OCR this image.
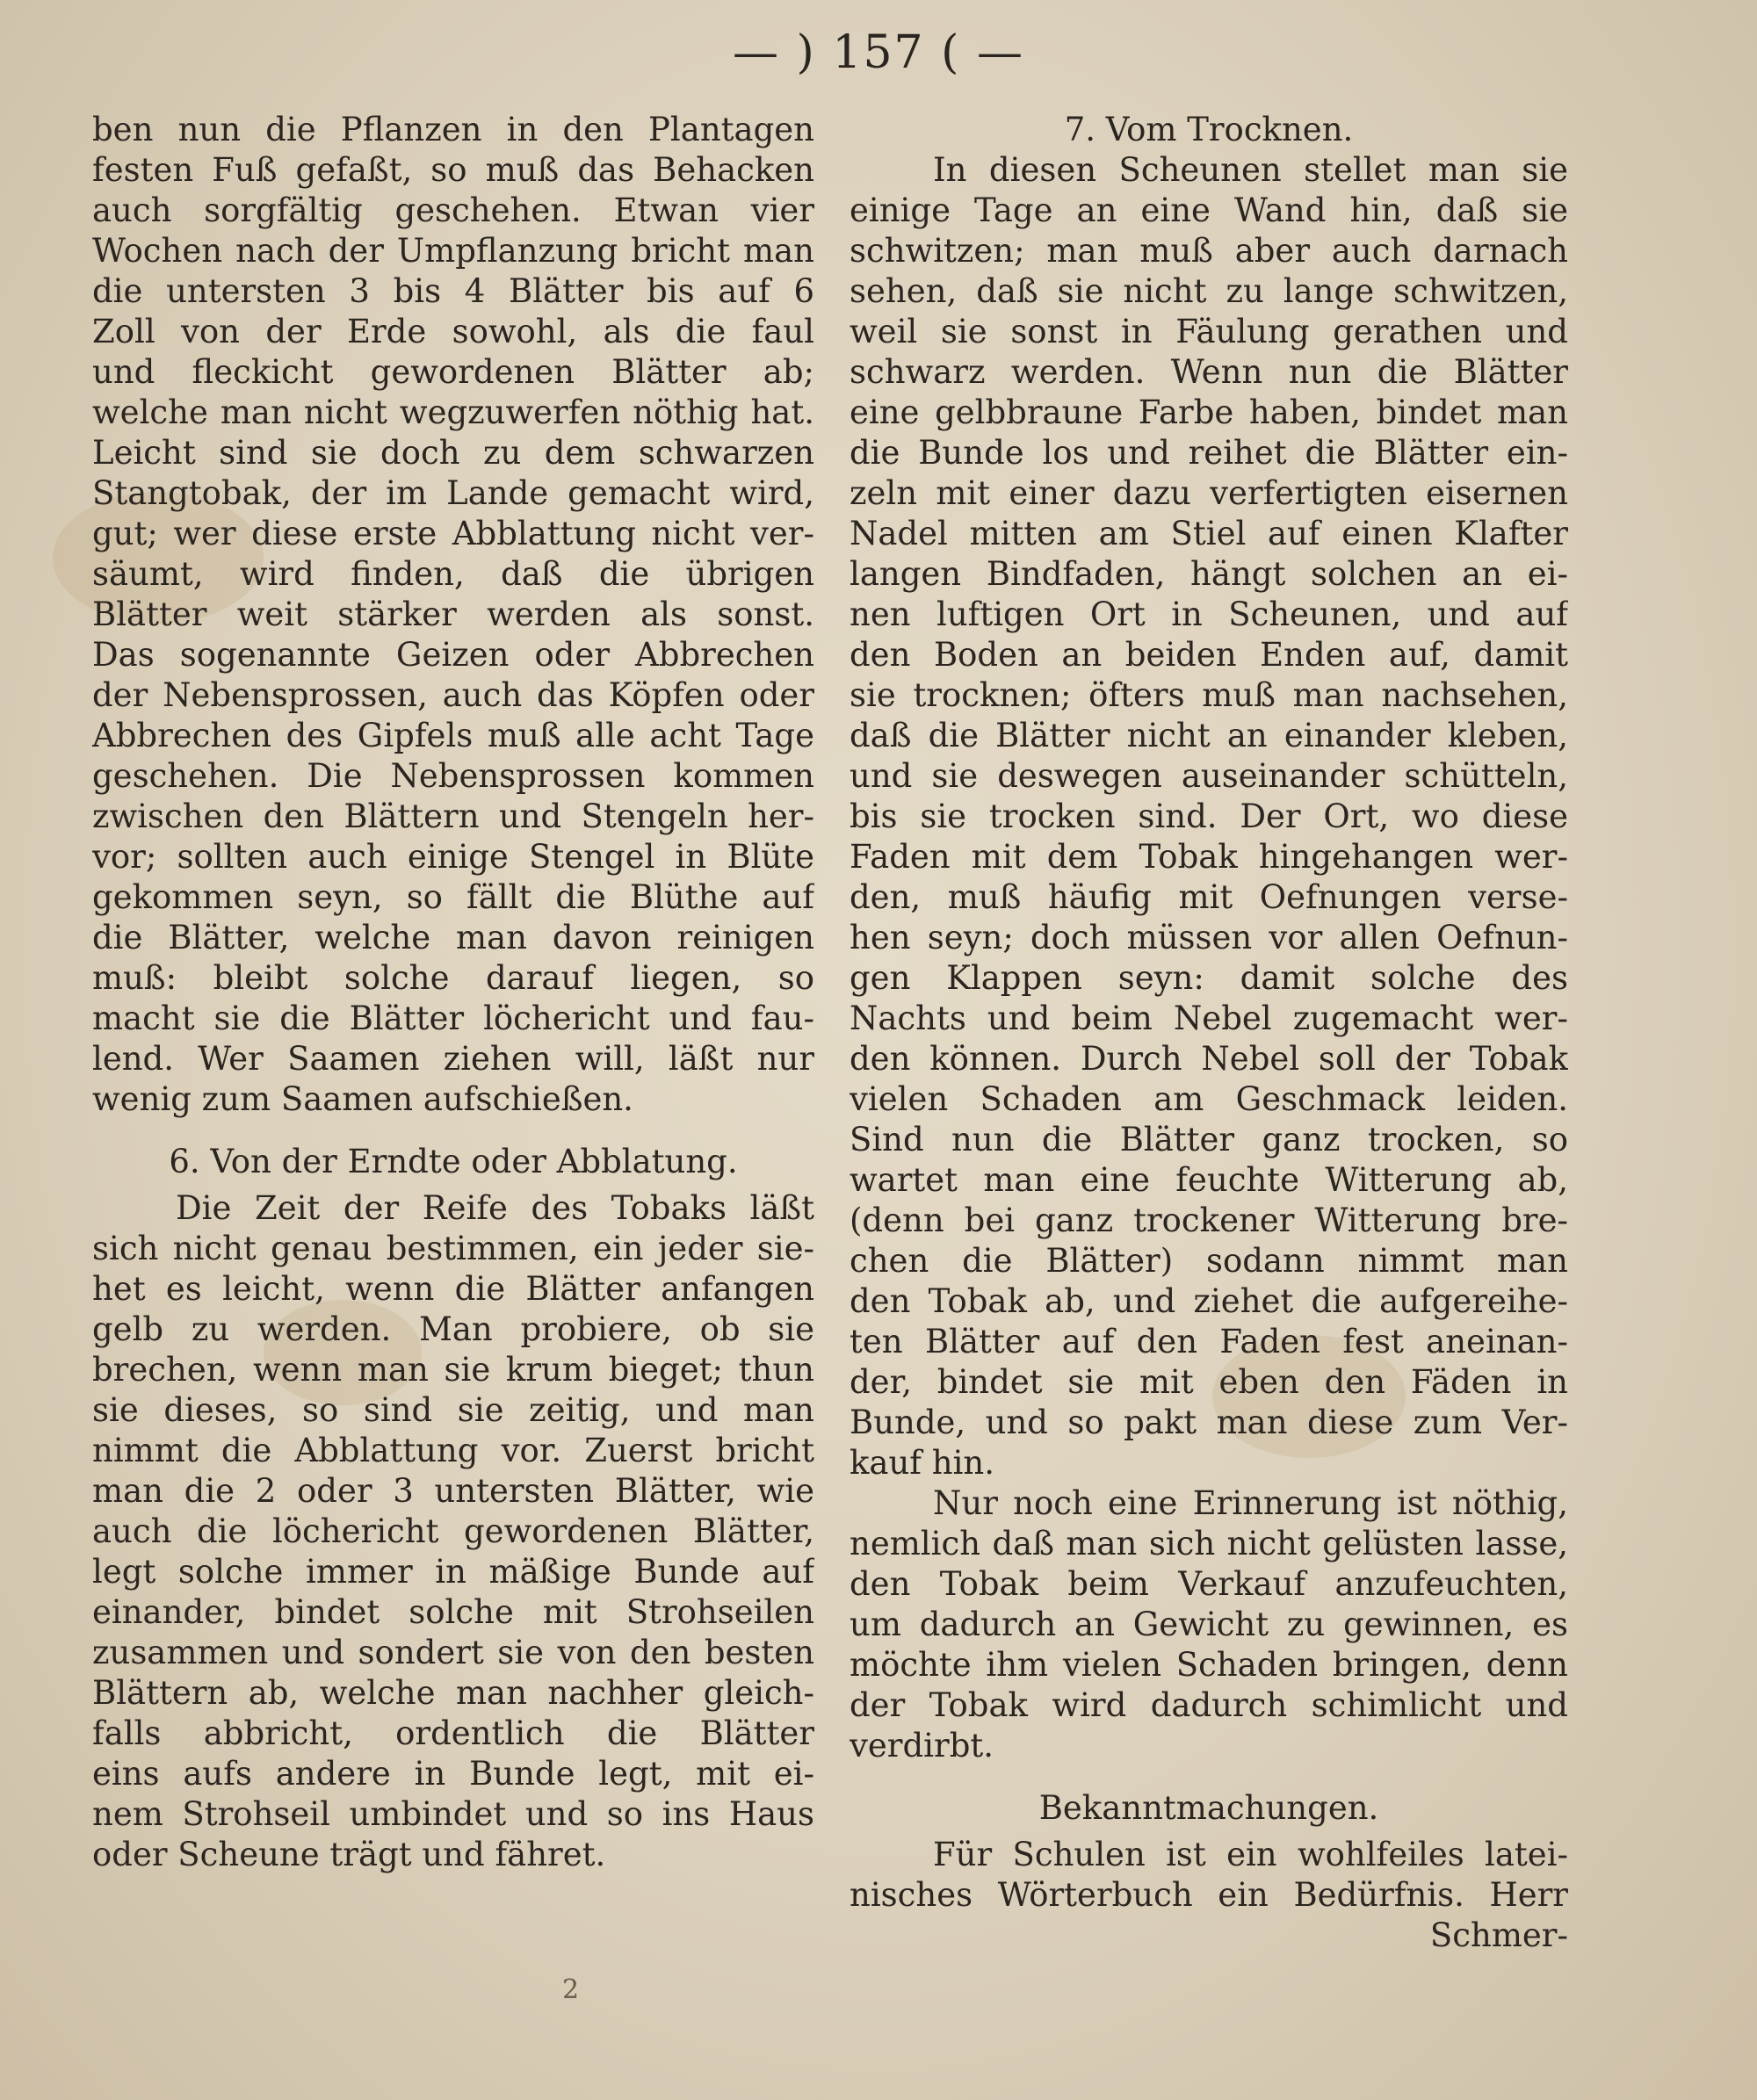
— ) 157 ( —
ben nun die Pflanzen in den Plantagen
festen Fuß gefaßt, so muß das Behacken
auch sorgfältig geschehen. Etwan vier
Wochen nach der Umpflanzung bricht man
die untersten 3 bis 4 Blätter bis auf 6
Zoll von der Erde sowohl, als die faul
und fleckicht gewordenen Blätter ab;
welche man nicht wegzuwerfen nöthig hat.
Leicht sind sie doch zu dem schwarzen
Stangtobak, der im Lande gemacht wird,
gut; wer diese erste Abblattung nicht ver-
säumt, wird finden, daß die übrigen
Blätter weit stärker werden als sonst.
Das sogenannte Geizen oder Abbrechen
der Nebensprossen, auch das Köpfen oder
Abbrechen des Gipfels muß alle acht Tage
geschehen. Die Nebensprossen kommen
zwischen den Blättern und Stengeln her-
vor; sollten auch einige Stengel in Blüte
gekommen seyn, so fällt die Blüthe auf
die Blätter, welche man davon reinigen
muß: bleibt solche darauf liegen, so
macht sie die Blätter löchericht und fau-
lend. Wer Saamen ziehen will, läßt nur
wenig zum Saamen aufschießen.
6. Von der Erndte oder Abblatung.
Die Zeit der Reife des Tobaks läßt
sich nicht genau bestimmen, ein jeder sie-
het es leicht, wenn die Blätter anfangen
gelb zu werden. Man probiere, ob sie
brechen, wenn man sie krum bieget; thun
sie dieses, so sind sie zeitig, und man
nimmt die Abblattung vor. Zuerst bricht
man die 2 oder 3 untersten Blätter, wie
auch die löchericht gewordenen Blätter,
legt solche immer in mäßige Bunde auf
einander, bindet solche mit Strohseilen
zusammen und sondert sie von den besten
Blättern ab, welche man nachher gleich-
falls abbricht, ordentlich die Blätter
eins aufs andere in Bunde legt, mit ei-
nem Strohseil umbindet und so ins Haus
oder Scheune trägt und fähret.
7. Vom Trocknen.
In diesen Scheunen stellet man sie
einige Tage an eine Wand hin, daß sie
schwitzen; man muß aber auch darnach
sehen, daß sie nicht zu lange schwitzen,
weil sie sonst in Fäulung gerathen und
schwarz werden. Wenn nun die Blätter
eine gelbbraune Farbe haben, bindet man
die Bunde los und reihet die Blätter ein-
zeln mit einer dazu verfertigten eisernen
Nadel mitten am Stiel auf einen Klafter
langen Bindfaden, hängt solchen an ei-
nen luftigen Ort in Scheunen, und auf
den Boden an beiden Enden auf, damit
sie trocknen; öfters muß man nachsehen,
daß die Blätter nicht an einander kleben,
und sie deswegen auseinander schütteln,
bis sie trocken sind. Der Ort, wo diese
Faden mit dem Tobak hingehangen wer-
den, muß häufig mit Oefnungen verse-
hen seyn; doch müssen vor allen Oefnun-
gen Klappen seyn: damit solche des
Nachts und beim Nebel zugemacht wer-
den können. Durch Nebel soll der Tobak
vielen Schaden am Geschmack leiden.
Sind nun die Blätter ganz trocken, so
wartet man eine feuchte Witterung ab,
(denn bei ganz trockener Witterung bre-
chen die Blätter) sodann nimmt man
den Tobak ab, und ziehet die aufgereihe-
ten Blätter auf den Faden fest aneinan-
der, bindet sie mit eben den Fäden in
Bunde, und so pakt man diese zum Ver-
kauf hin.
Nur noch eine Erinnerung ist nöthig,
nemlich daß man sich nicht gelüsten lasse,
den Tobak beim Verkauf anzufeuchten,
um dadurch an Gewicht zu gewinnen, es
möchte ihm vielen Schaden bringen, denn
der Tobak wird dadurch schimlicht und
verdirbt.
Bekanntmachungen.
Für Schulen ist ein wohlfeiles latei-
nisches Wörterbuch ein Bedürfnis. Herr
Schmer-
2
